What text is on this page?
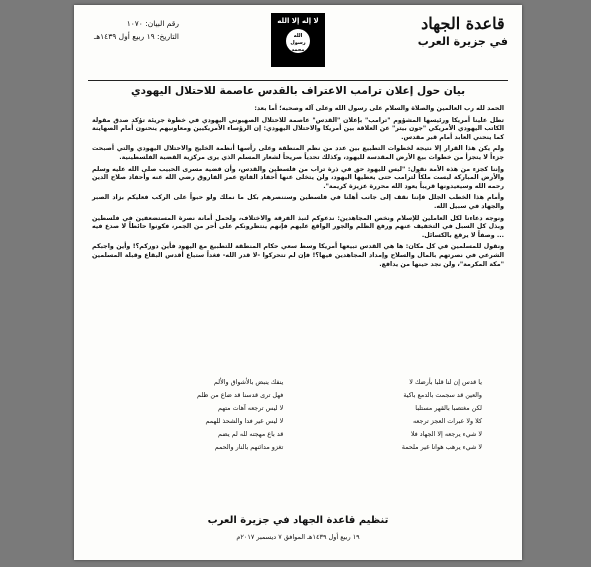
قاعدة الجهاد
في جزيرة العرب
لا إله إلا الله
الله رسول محمد
رقم البيان: ١٠٧٠
التاريخ: ١٩ ربيع أول ١٤٣٩هـ
بيان حول إعلان ترامب الاعتراف بالقدس عاصمة للاحتلال اليهودي

الحمد لله رب العالمين والصلاة والسلام على رسول الله وعلى آله وصحبه؛ أما بعد:

تطل علينا أمريكا ورئيسها المشؤوم "ترامب" بإعلان "القدس" عاصمة للاحتلال الصهيوني اليهودي في خطوة جريئة تؤكد صدق مقولة الكاتب اليهودي الأمريكي "جون بيتر" عن العلاقة بين أمريكا والاحتلال اليهودي: إن الرؤساء الأمريكيين ومعاونيهم ينحنون أمام الصهاينة كما ينحني العابد أمام قبر مقدس.

ولم يكن هذا القرار إلا نتيجة لخطوات التطبيع بين عدد من نظم المنطقة وعلى رأسها أنظمة الخليج والاحتلال اليهودي والتي أصبحت جزءاً لا يتجزأ من خطوات بيع الأرض المقدسة لليهود، وكذلك تحدياً صريحاً لشعار المسلم الذي يرى مركزية القضية الفلسطينية.

وإننا كجزء من هذه الأمة نقول: "ليس لليهود حق في ذرة تراب من فلسطين والقدس، وأن قضية مسرى الحبيب صلى الله عليه وسلم والأرض المباركة ليست ملكاً لترامب حتى يعطيها اليهود، ولن يتخلى عنها أحفاد الفاتح عمر الفاروق رضي الله عنه وأحفاد صلاح الدين رحمه الله وسيعيدونها قريباً يعود الله محررة عزيزة كريمة".

وأمام هذا الخطب الجلل فإننا نقف إلى جانب أهلنا في فلسطين وسننصرهم بكل ما نملك ولو حبواً على الركب فعليكم بزاد الصبر والجهاد في سبيل الله.

ونوجه دعاءنا لكل العاملين للإسلام ونخص المجاهدين: ندعوكم لنبذ الفرقة والاختلاف، ولحمل أمانة نصرة المستضعفين في فلسطين وبذل كل السبل في التخفيف عنهم ورفع الظلم والجور الواقع عليهم فإنهم ينتظرونكم على أحر من الجمر، فكونوا حائطاً لا صدع فيه ... وصفاً لا يرقع بالكسائل.

ونقول للمسلمين في كل مكان: ها هي القدس تبيعها أمريكا وسط سعي حكام المنطقة للتطبيع مع اليهود فأين دوركم؟! وأين واجبكم الشرعي في نصرتهم بالمال والسلاح وإمداد المجاهدين فيها؟! فإن لم تتحركوا -لا قدر الله- فغداً ستباع أقدس البقاع وقبلة المسلمين "مكة المكرمة"، ولن نجد حينها من يدافع.

يا قدس إن لنا قلبا بأرضك لا
ينفك ينبض بالأشواق والألم
والعين قد سجمت بالدمع باكية
فهل ترى قدسنا قد ضاع من ظلم
لكن مغتصبا بالقهر مستلبا
لا ليس ترجعه آهات متهم
كلا ولا عبرات العجز ترجعه
لا ليس غير فدا والشحذ للهمم
لا شيء يرجعه إلا الجهاد فلا
قد باع مهجته لله لم يضم
لا شيء يرهب هوانا غير ملحمة
تغزو مدائنهم بالنار والحمم
تنظيم قاعدة الجهاد في جزيرة العرب
١٩ ربيع أول ١٤٣٩هـ الموافق ٧ ديسمبر ٢٠١٧م
